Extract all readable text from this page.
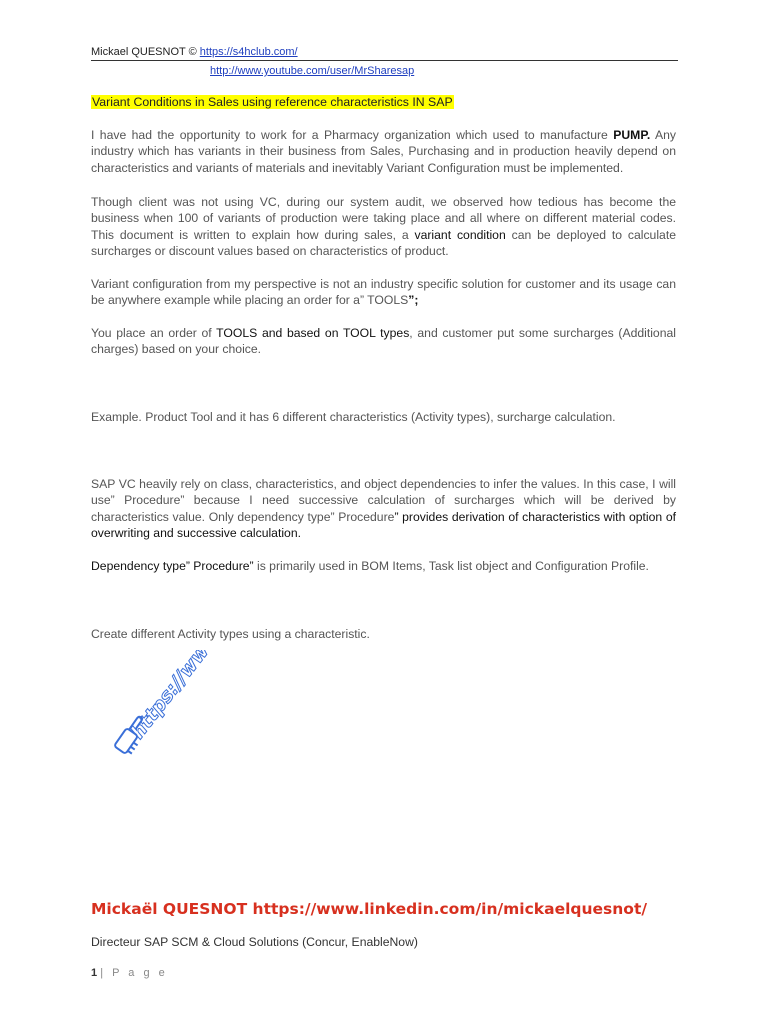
Mickael QUESNOT © https://s4hclub.com/
http://www.youtube.com/user/MrSharesap
Variant Conditions in Sales using reference characteristics IN SAP
I have had the opportunity to work for a Pharmacy organization which used to manufacture PUMP. Any industry which has variants in their business from Sales, Purchasing and in production heavily depend on characteristics and variants of materials and inevitably Variant Configuration must be implemented.
Though client was not using VC, during our system audit, we observed how tedious has become the business when 100 of variants of production were taking place and all where on different material codes. This document is written to explain how during sales, a variant condition can be deployed to calculate surcharges or discount values based on characteristics of product.
Variant configuration from my perspective is not an industry specific solution for customer and its usage can be anywhere example while placing an order for a” TOOLS”;
You place an order of TOOLS and based on TOOL types, and customer put some surcharges (Additional charges) based on your choice.
Example. Product Tool and it has 6 different characteristics (Activity types), surcharge calculation.
SAP VC heavily rely on class, characteristics, and object dependencies to infer the values. In this case, I will use” Procedure” because I need successive calculation of surcharges which will be derived by characteristics value. Only dependency type” Procedure” provides derivation of characteristics with option of overwriting and successive calculation.
Dependency type” Procedure” is primarily used in BOM Items, Task list object and Configuration Profile.
Create different Activity types using a characteristic.
https://ww
Mickaël QUESNOT https://www.linkedin.com/in/mickaelquesnot/
Directeur SAP SCM & Cloud Solutions (Concur, EnableNow)
1 | P a g e
